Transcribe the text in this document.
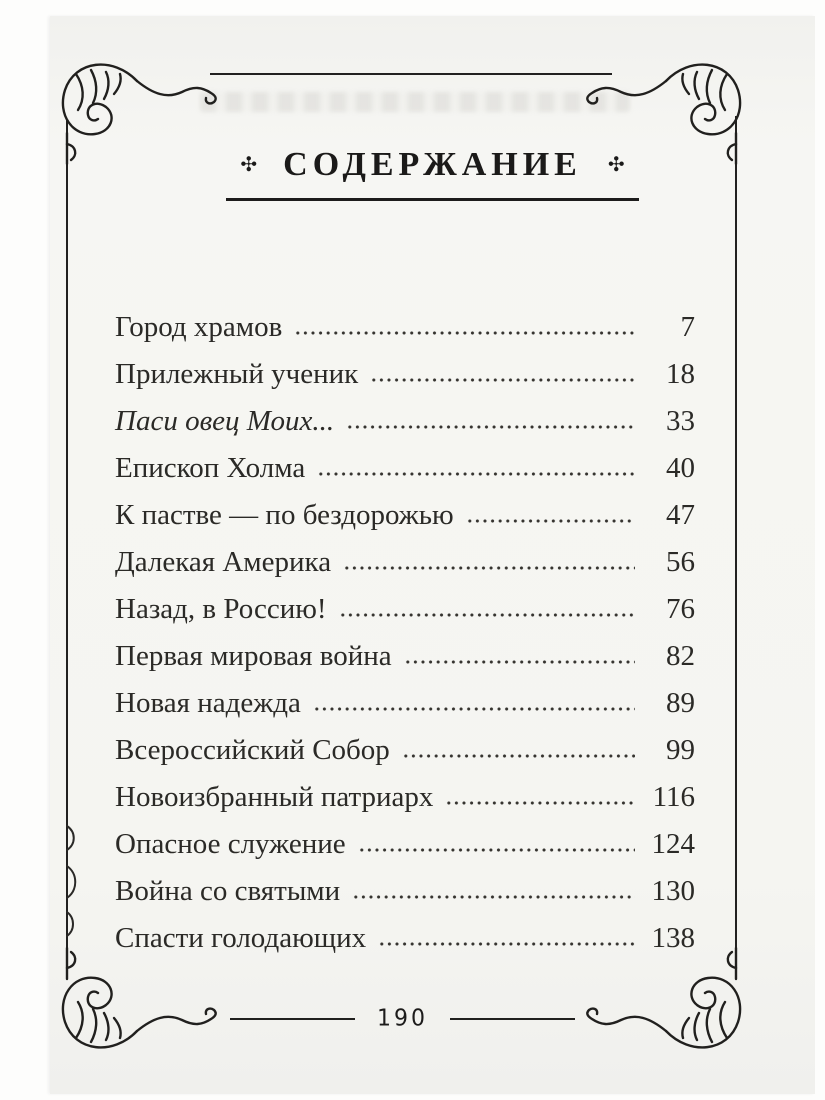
✣ СОДЕРЖАНИЕ ✣
Город храмов	7
Прилежный ученик	18
Паси овец Моих...	33
Епископ Холма	40
К пастве — по бездорожью	47
Далекая Америка	56
Назад, в Россию!	76
Первая мировая война	82
Новая надежда	89
Всероссийский Собор	99
Новоизбранный патриарх	116
Опасное служение	124
Война со святыми	130
Спасти голодающих	138
190
